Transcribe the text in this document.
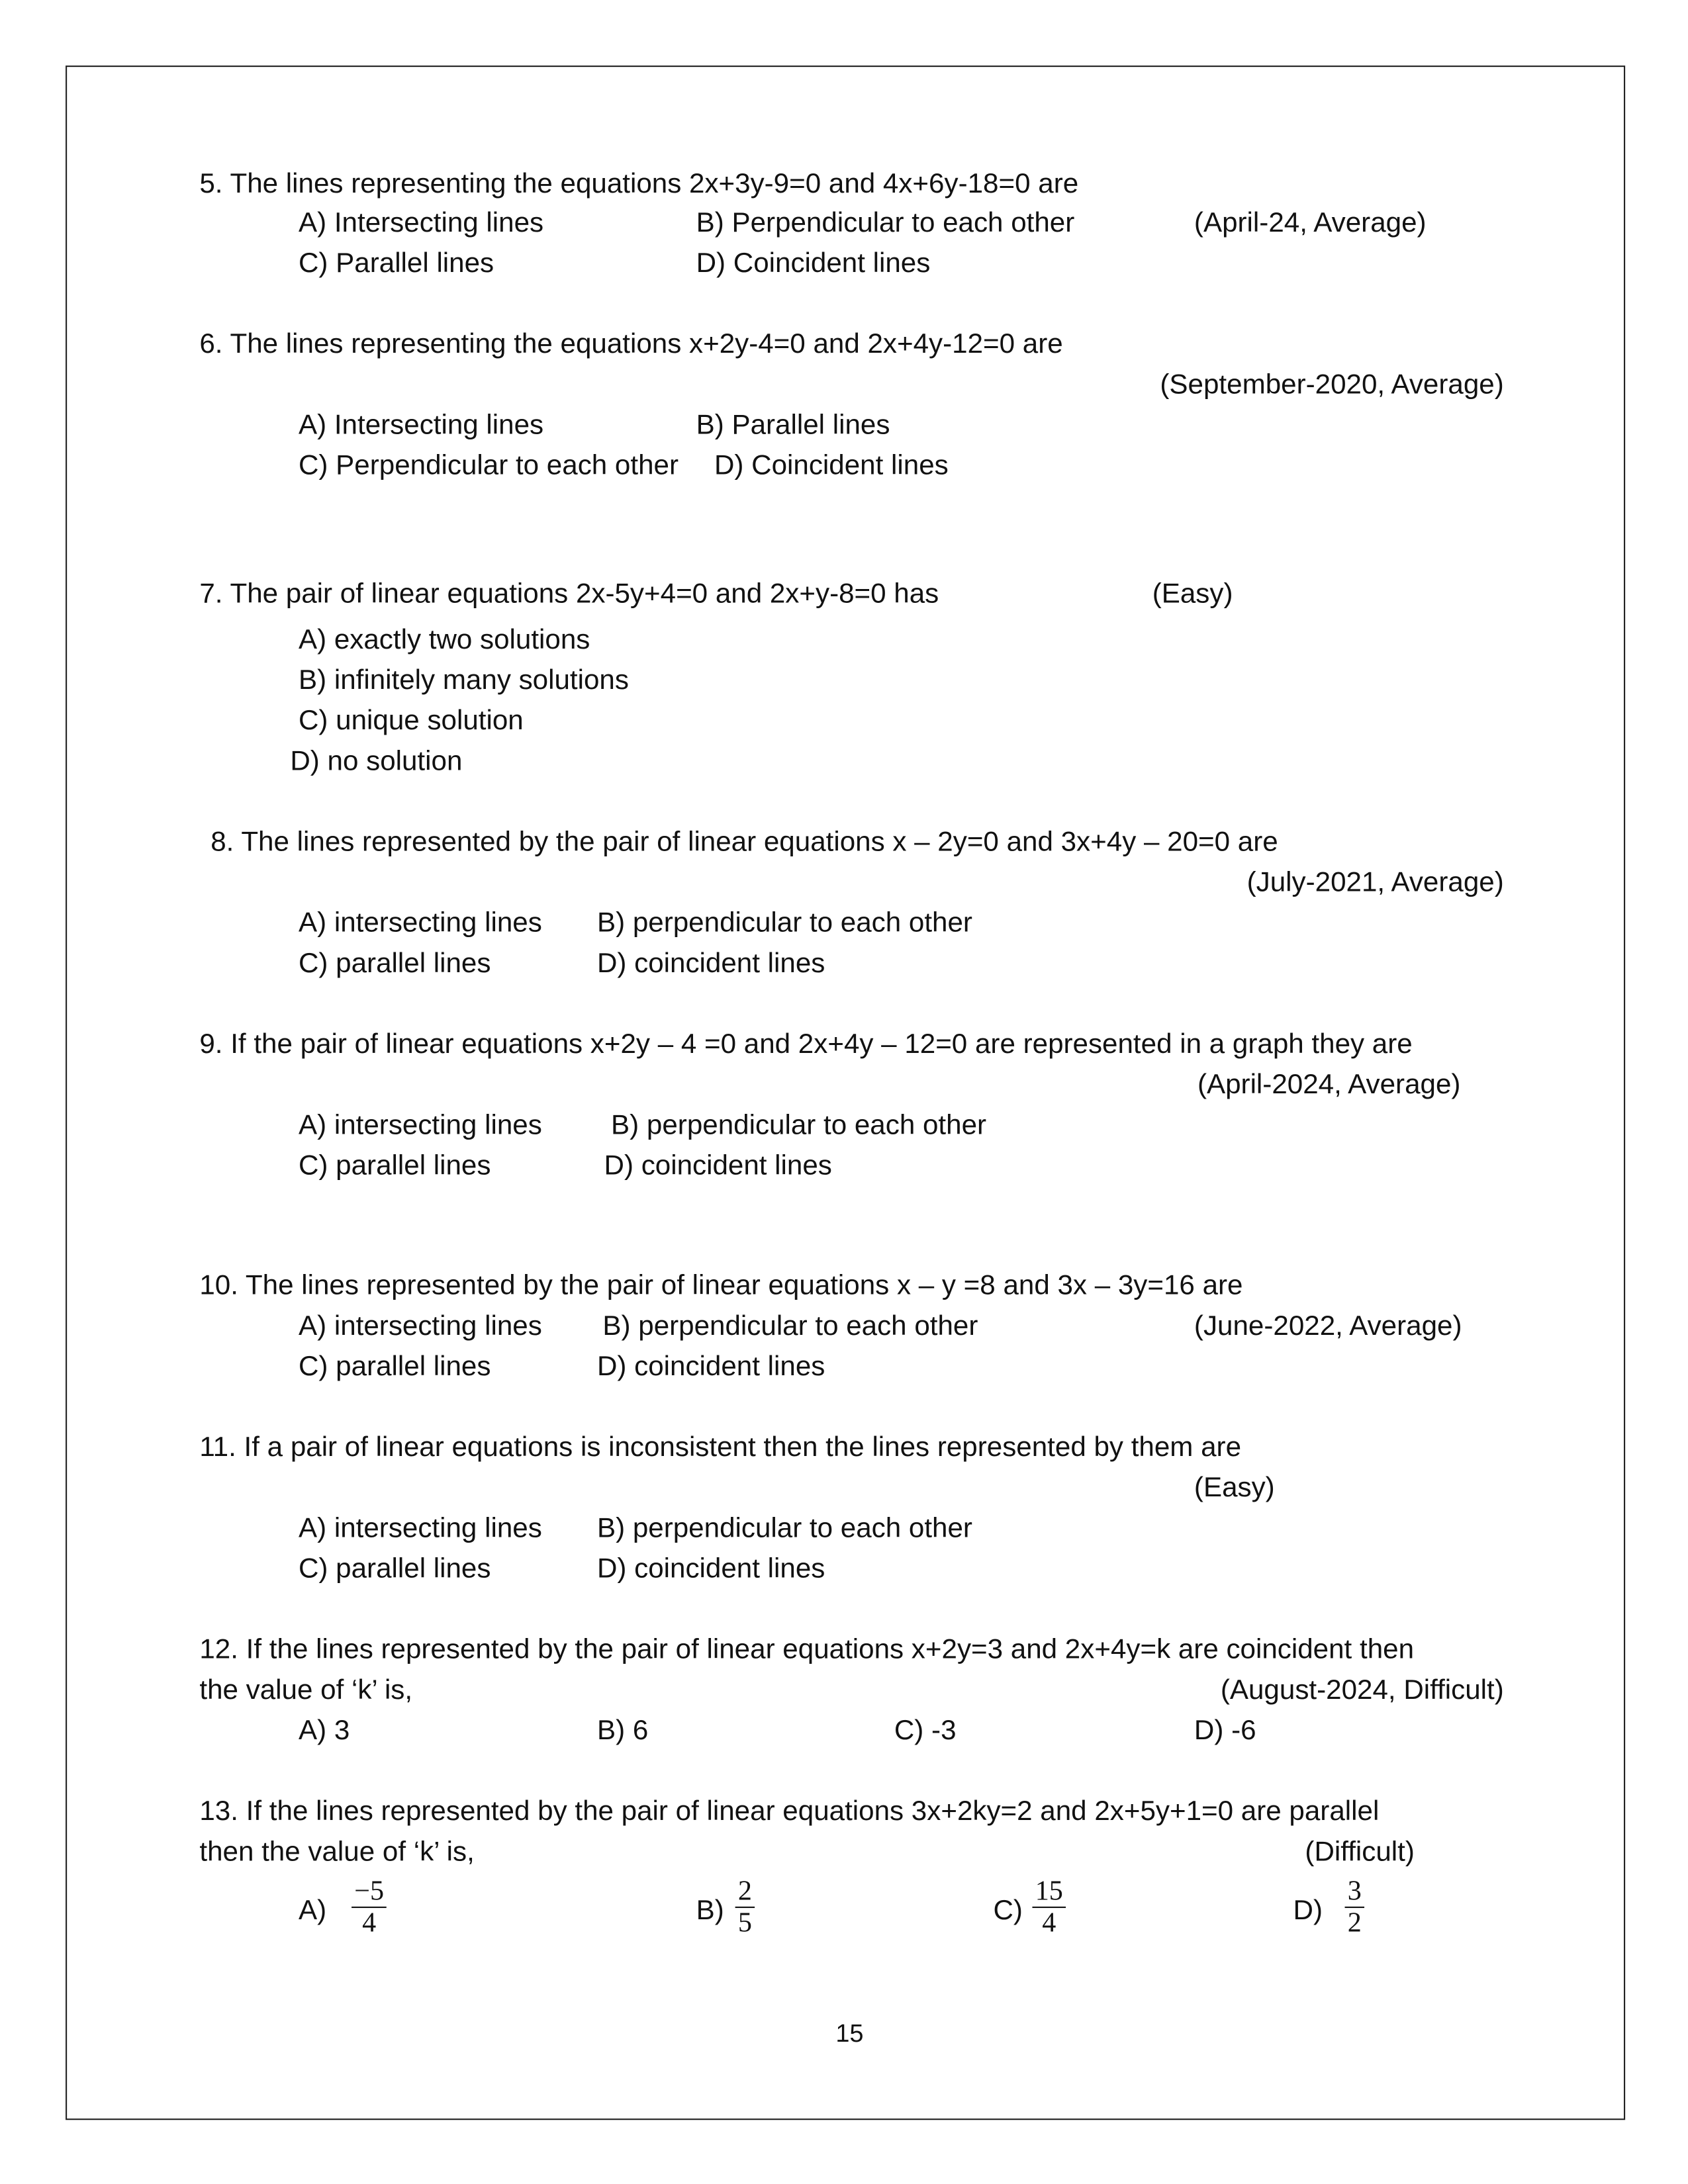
5. The lines representing the equations 2x+3y-9=0 and 4x+6y-18=0 are
A) Intersecting lines	B) Perpendicular to each other	(April-24, Average)
C) Parallel lines	D) Coincident lines
6. The lines representing the equations x+2y-4=0 and 2x+4y-12=0 are
(September-2020, Average)
A) Intersecting lines	B) Parallel lines
C) Perpendicular to each other	D) Coincident lines
7. The pair of linear equations 2x-5y+4=0 and 2x+y-8=0 has	(Easy)
A) exactly two solutions
B) infinitely many solutions
C) unique solution
D) no solution
8. The lines represented by the pair of linear equations x – 2y=0 and 3x+4y – 20=0 are
(July-2021, Average)
A) intersecting lines	B) perpendicular to each other
C) parallel lines	D) coincident lines
9. If the pair of linear equations x+2y – 4 =0 and 2x+4y – 12=0 are represented in a graph they are
(April-2024, Average)
A) intersecting lines	B) perpendicular to each other
C) parallel lines	D) coincident lines
10. The lines represented by the pair of linear equations x – y =8 and 3x – 3y=16 are
A) intersecting lines	B) perpendicular to each other	(June-2022, Average)
C) parallel lines	D) coincident lines
11. If a pair of linear equations is inconsistent then the lines represented by them are
(Easy)
A) intersecting lines	B) perpendicular to each other
C) parallel lines	D) coincident lines
12. If the lines represented by the pair of linear equations x+2y=3 and 2x+4y=k are coincident then
the value of ‘k’ is,	(August-2024, Difficult)
A) 3	B) 6	C) -3	D) -6
13. If the lines represented by the pair of linear equations 3x+2ky=2 and 2x+5y+1=0 are parallel
then the value of ‘k’ is,	(Difficult)
$A) \frac{-5}{4}$	$B) \frac{2}{5}$	$C) \frac{15}{4}$	$D) \frac{3}{2}$
15
